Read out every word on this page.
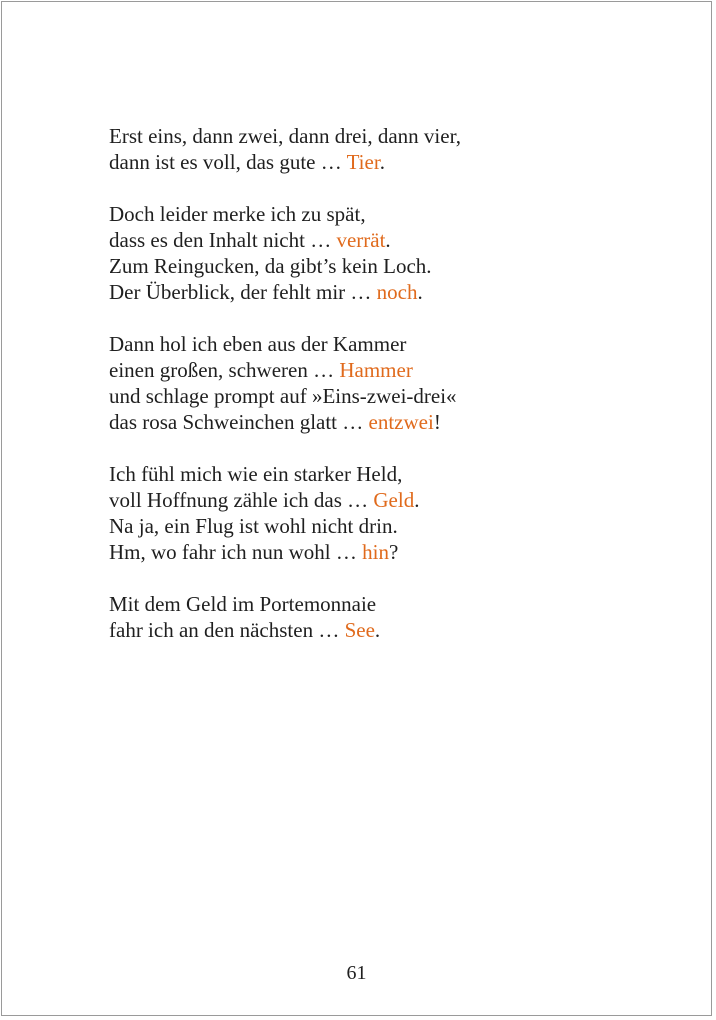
Erst eins, dann zwei, dann drei, dann vier,
dann ist es voll, das gute … Tier.
Doch leider merke ich zu spät,
dass es den Inhalt nicht … verrät.
Zum Reingucken, da gibt’s kein Loch.
Der Überblick, der fehlt mir … noch.
Dann hol ich eben aus der Kammer
einen großen, schweren … Hammer
und schlage prompt auf »Eins-zwei-drei«
das rosa Schweinchen glatt … entzwei!
Ich fühl mich wie ein starker Held,
voll Hoffnung zähle ich das … Geld.
Na ja, ein Flug ist wohl nicht drin.
Hm, wo fahr ich nun wohl … hin?
Mit dem Geld im Portemonnaie
fahr ich an den nächsten … See.
61
